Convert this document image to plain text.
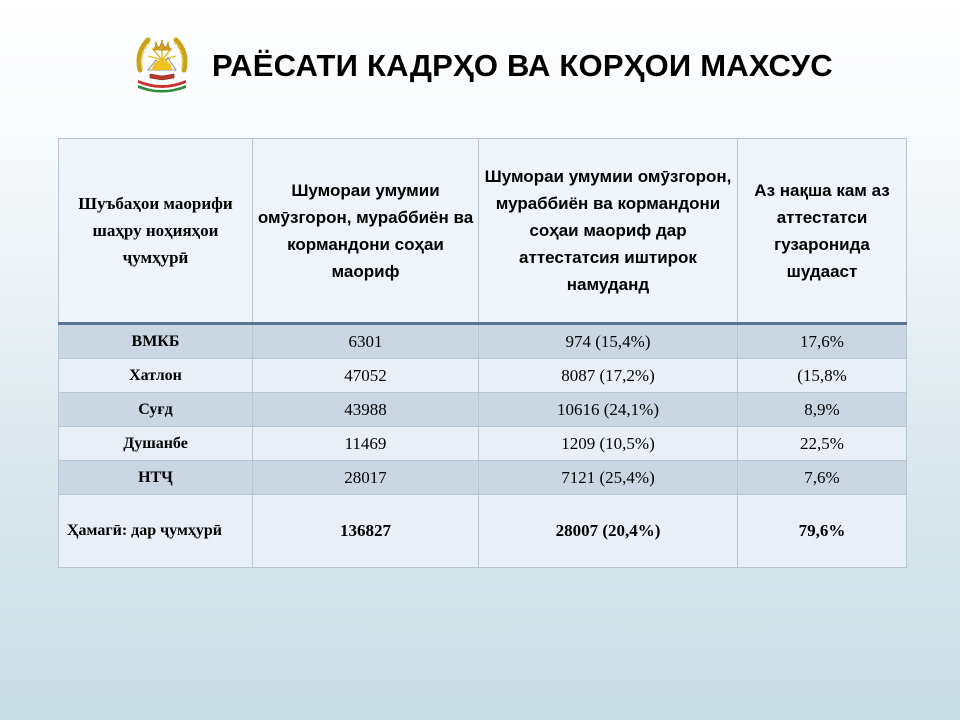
РАЁСАТИ КАДРҲО ВА КОРҲОИ МАХСУС
Шуъбаҳои маорифи шаҳру ноҳияҳои ҷумҳурӣ	Шумораи умумии омӯзгорон, мураббиён ва кормандони соҳаи маориф	Шумораи умумии омӯзгорон, мураббиён ва кормандони соҳаи маориф дар аттестатсия иштирок намуданд	Аз нақша кам аз аттестатси гузаронида шудааст
ВМКБ	6301	974 (15,4%)	17,6%
Хатлон	47052	8087 (17,2%)	(15,8%
Суғд	43988	10616 (24,1%)	8,9%
Душанбе	11469	1209 (10,5%)	22,5%
НТҶ	28017	7121 (25,4%)	7,6%
Ҳамагӣ: дар ҷумҳурӣ	136827	28007 (20,4%)	79,6%
